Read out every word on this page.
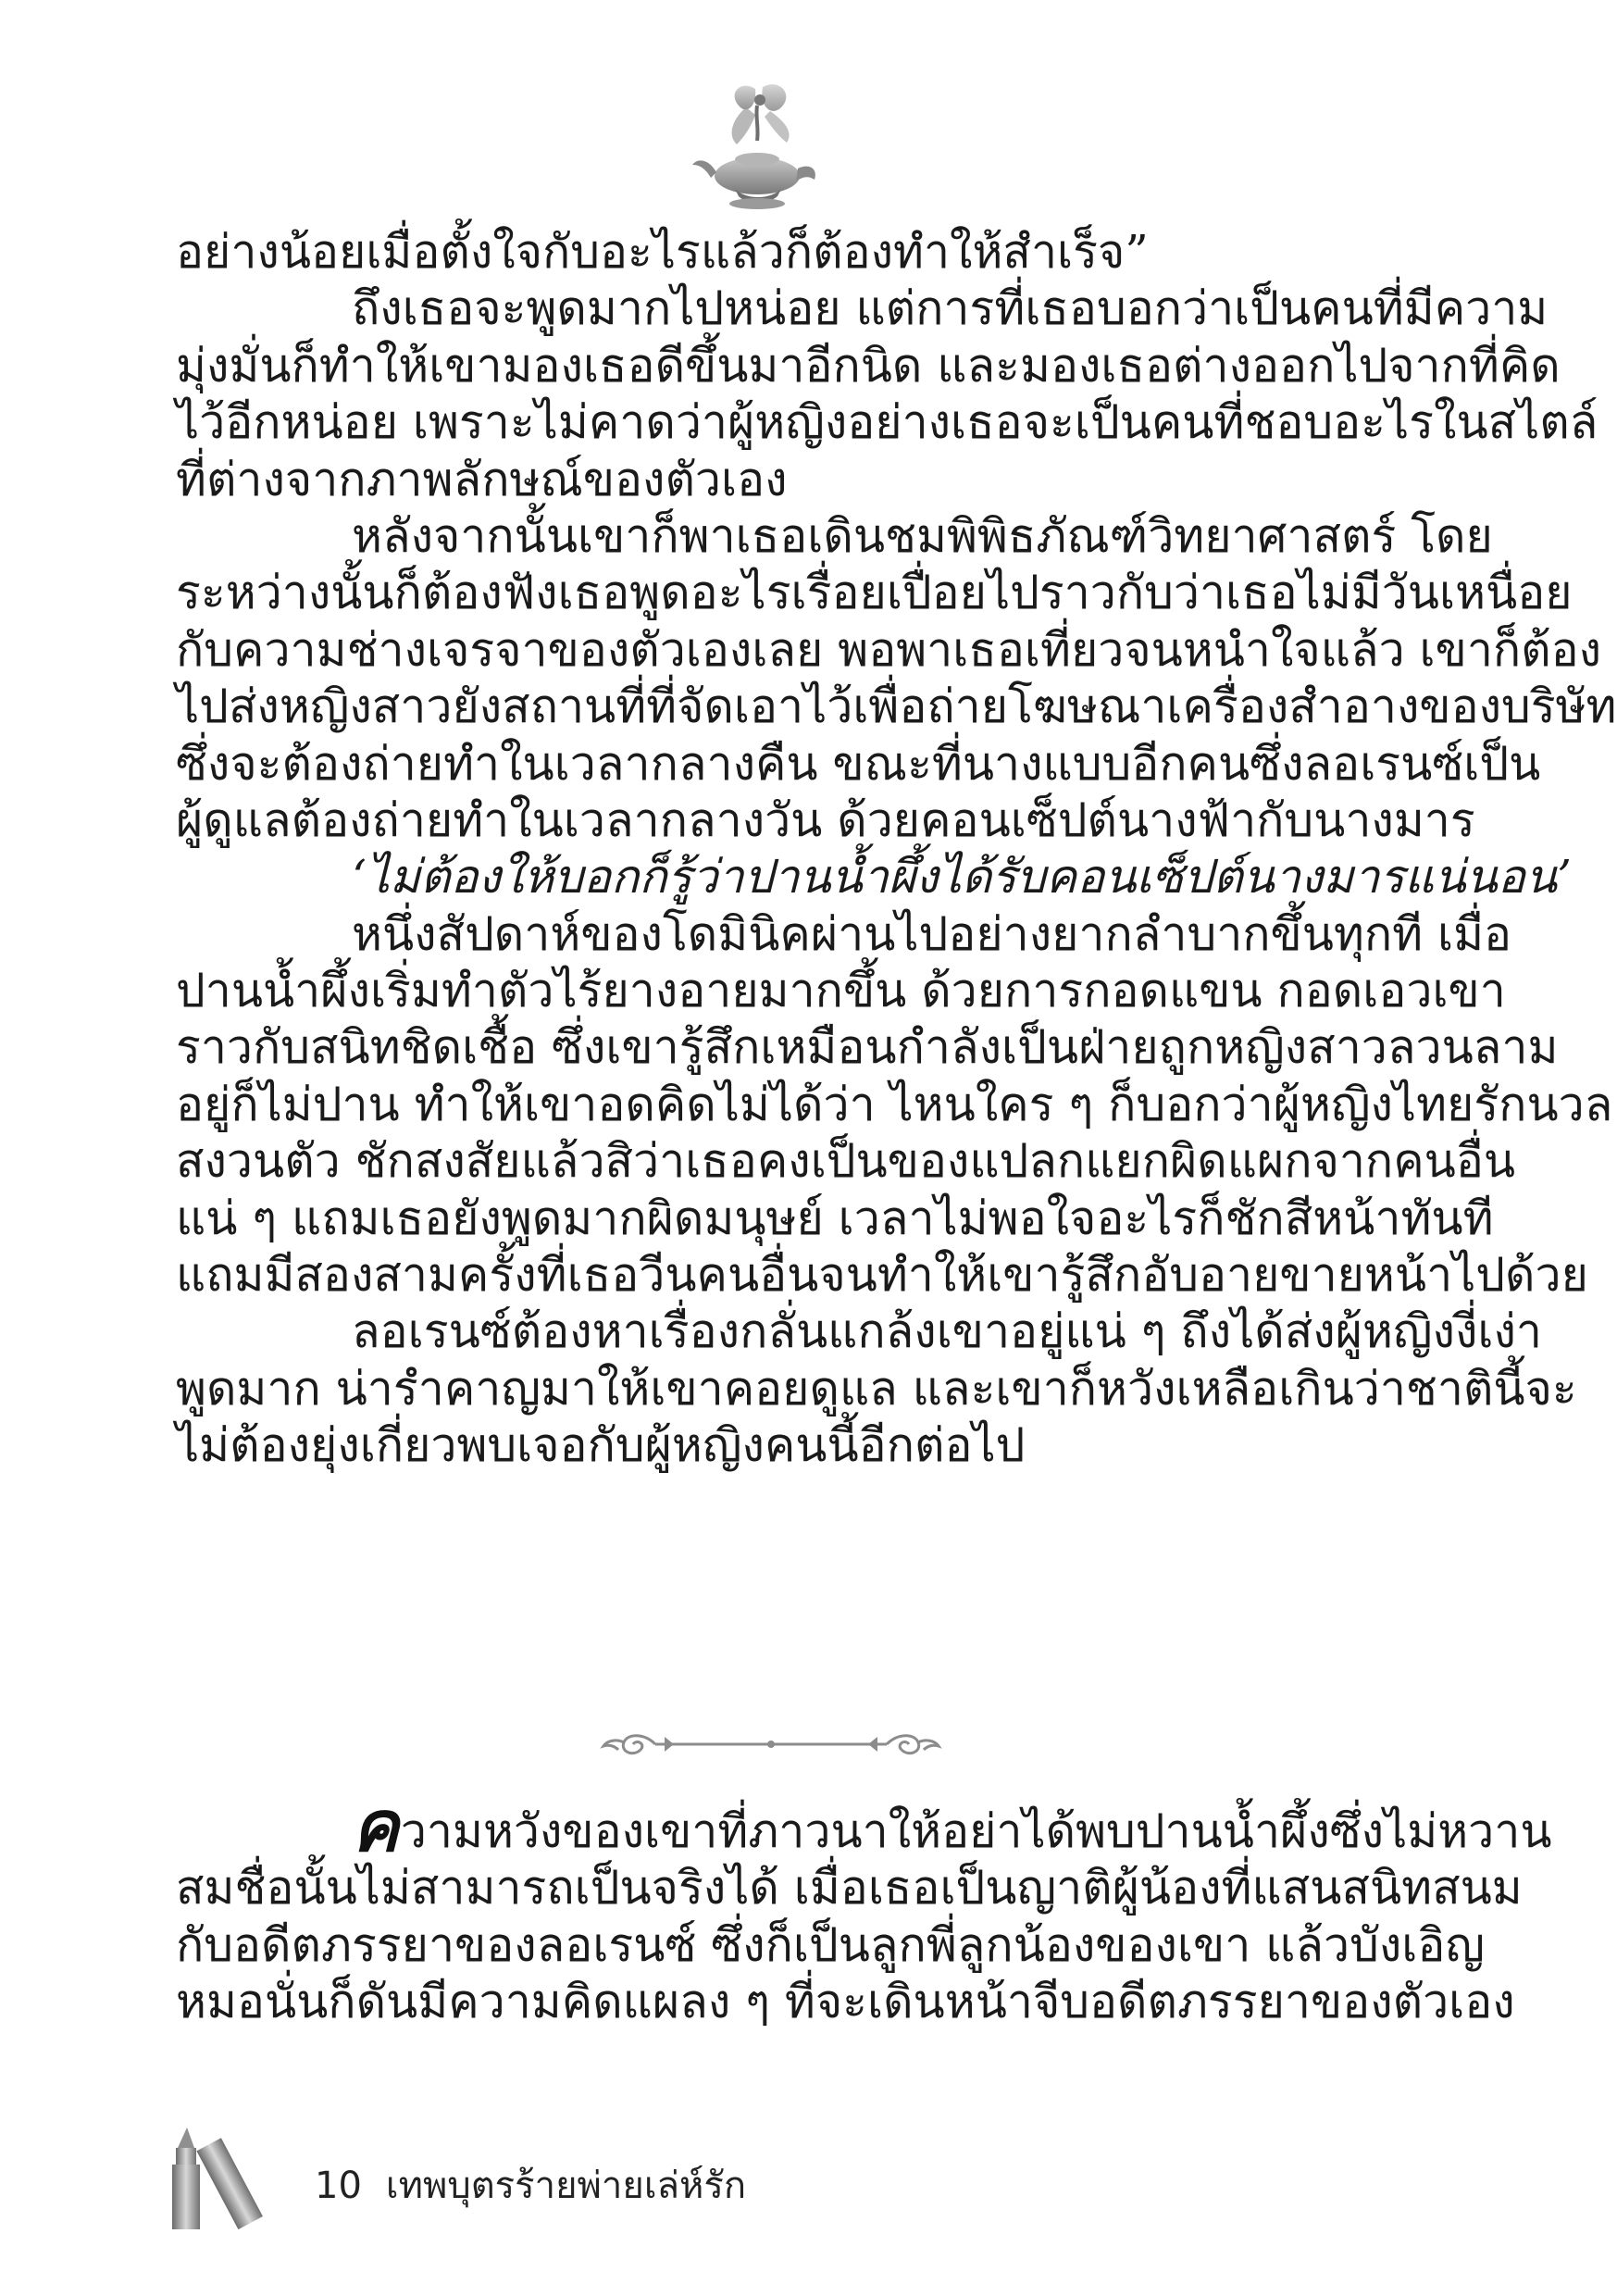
อย่างน้อยเมื่อตั้งใจกับอะไรแล้วก็ต้องทำให้สำเร็จ”
ถึงเธอจะพูดมากไปหน่อย แต่การที่เธอบอกว่าเป็นคนที่มีความ
มุ่งมั่นก็ทำให้เขามองเธอดีขึ้นมาอีกนิด และมองเธอต่างออกไปจากที่คิด
ไว้อีกหน่อย เพราะไม่คาดว่าผู้หญิงอย่างเธอจะเป็นคนที่ชอบอะไรในสไตล์
ที่ต่างจากภาพลักษณ์ของตัวเอง
หลังจากนั้นเขาก็พาเธอเดินชมพิพิธภัณฑ์วิทยาศาสตร์ โดย
ระหว่างนั้นก็ต้องฟังเธอพูดอะไรเรื่อยเปื่อยไปราวกับว่าเธอไม่มีวันเหนื่อย
กับความช่างเจรจาของตัวเองเลย พอพาเธอเที่ยวจนหนำใจแล้ว เขาก็ต้อง
ไปส่งหญิงสาวยังสถานที่ที่จัดเอาไว้เพื่อถ่ายโฆษณาเครื่องสำอางของบริษัท
ซึ่งจะต้องถ่ายทำในเวลากลางคืน ขณะที่นางแบบอีกคนซึ่งลอเรนซ์เป็น
ผู้ดูแลต้องถ่ายทำในเวลากลางวัน ด้วยคอนเซ็ปต์นางฟ้ากับนางมาร
‘ไม่ต้องให้บอกก็รู้ว่าปานน้ำผึ้งได้รับคอนเซ็ปต์นางมารแน่นอน’
หนึ่งสัปดาห์ของโดมินิคผ่านไปอย่างยากลำบากขึ้นทุกที เมื่อ
ปานน้ำผึ้งเริ่มทำตัวไร้ยางอายมากขึ้น ด้วยการกอดแขน กอดเอวเขา
ราวกับสนิทชิดเชื้อ ซึ่งเขารู้สึกเหมือนกำลังเป็นฝ่ายถูกหญิงสาวลวนลาม
อยู่ก็ไม่ปาน ทำให้เขาอดคิดไม่ได้ว่า ไหนใคร ๆ ก็บอกว่าผู้หญิงไทยรักนวล
สงวนตัว ชักสงสัยแล้วสิว่าเธอคงเป็นของแปลกแยกผิดแผกจากคนอื่น
แน่ ๆ แถมเธอยังพูดมากผิดมนุษย์ เวลาไม่พอใจอะไรก็ชักสีหน้าทันที
แถมมีสองสามครั้งที่เธอวีนคนอื่นจนทำให้เขารู้สึกอับอายขายหน้าไปด้วย
ลอเรนซ์ต้องหาเรื่องกลั่นแกล้งเขาอยู่แน่ ๆ ถึงได้ส่งผู้หญิงงี่เง่า
พูดมาก น่ารำคาญมาให้เขาคอยดูแล และเขาก็หวังเหลือเกินว่าชาตินี้จะ
ไม่ต้องยุ่งเกี่ยวพบเจอกับผู้หญิงคนนี้อีกต่อไป
ความหวังของเขาที่ภาวนาให้อย่าได้พบปานน้ำผึ้งซึ่งไม่หวาน
สมชื่อนั้นไม่สามารถเป็นจริงได้ เมื่อเธอเป็นญาติผู้น้องที่แสนสนิทสนม
กับอดีตภรรยาของลอเรนซ์ ซึ่งก็เป็นลูกพี่ลูกน้องของเขา แล้วบังเอิญ
หมอนั่นก็ดันมีความคิดแผลง ๆ ที่จะเดินหน้าจีบอดีตภรรยาของตัวเอง
10 เทพบุตรร้ายพ่ายเล่ห์รัก
